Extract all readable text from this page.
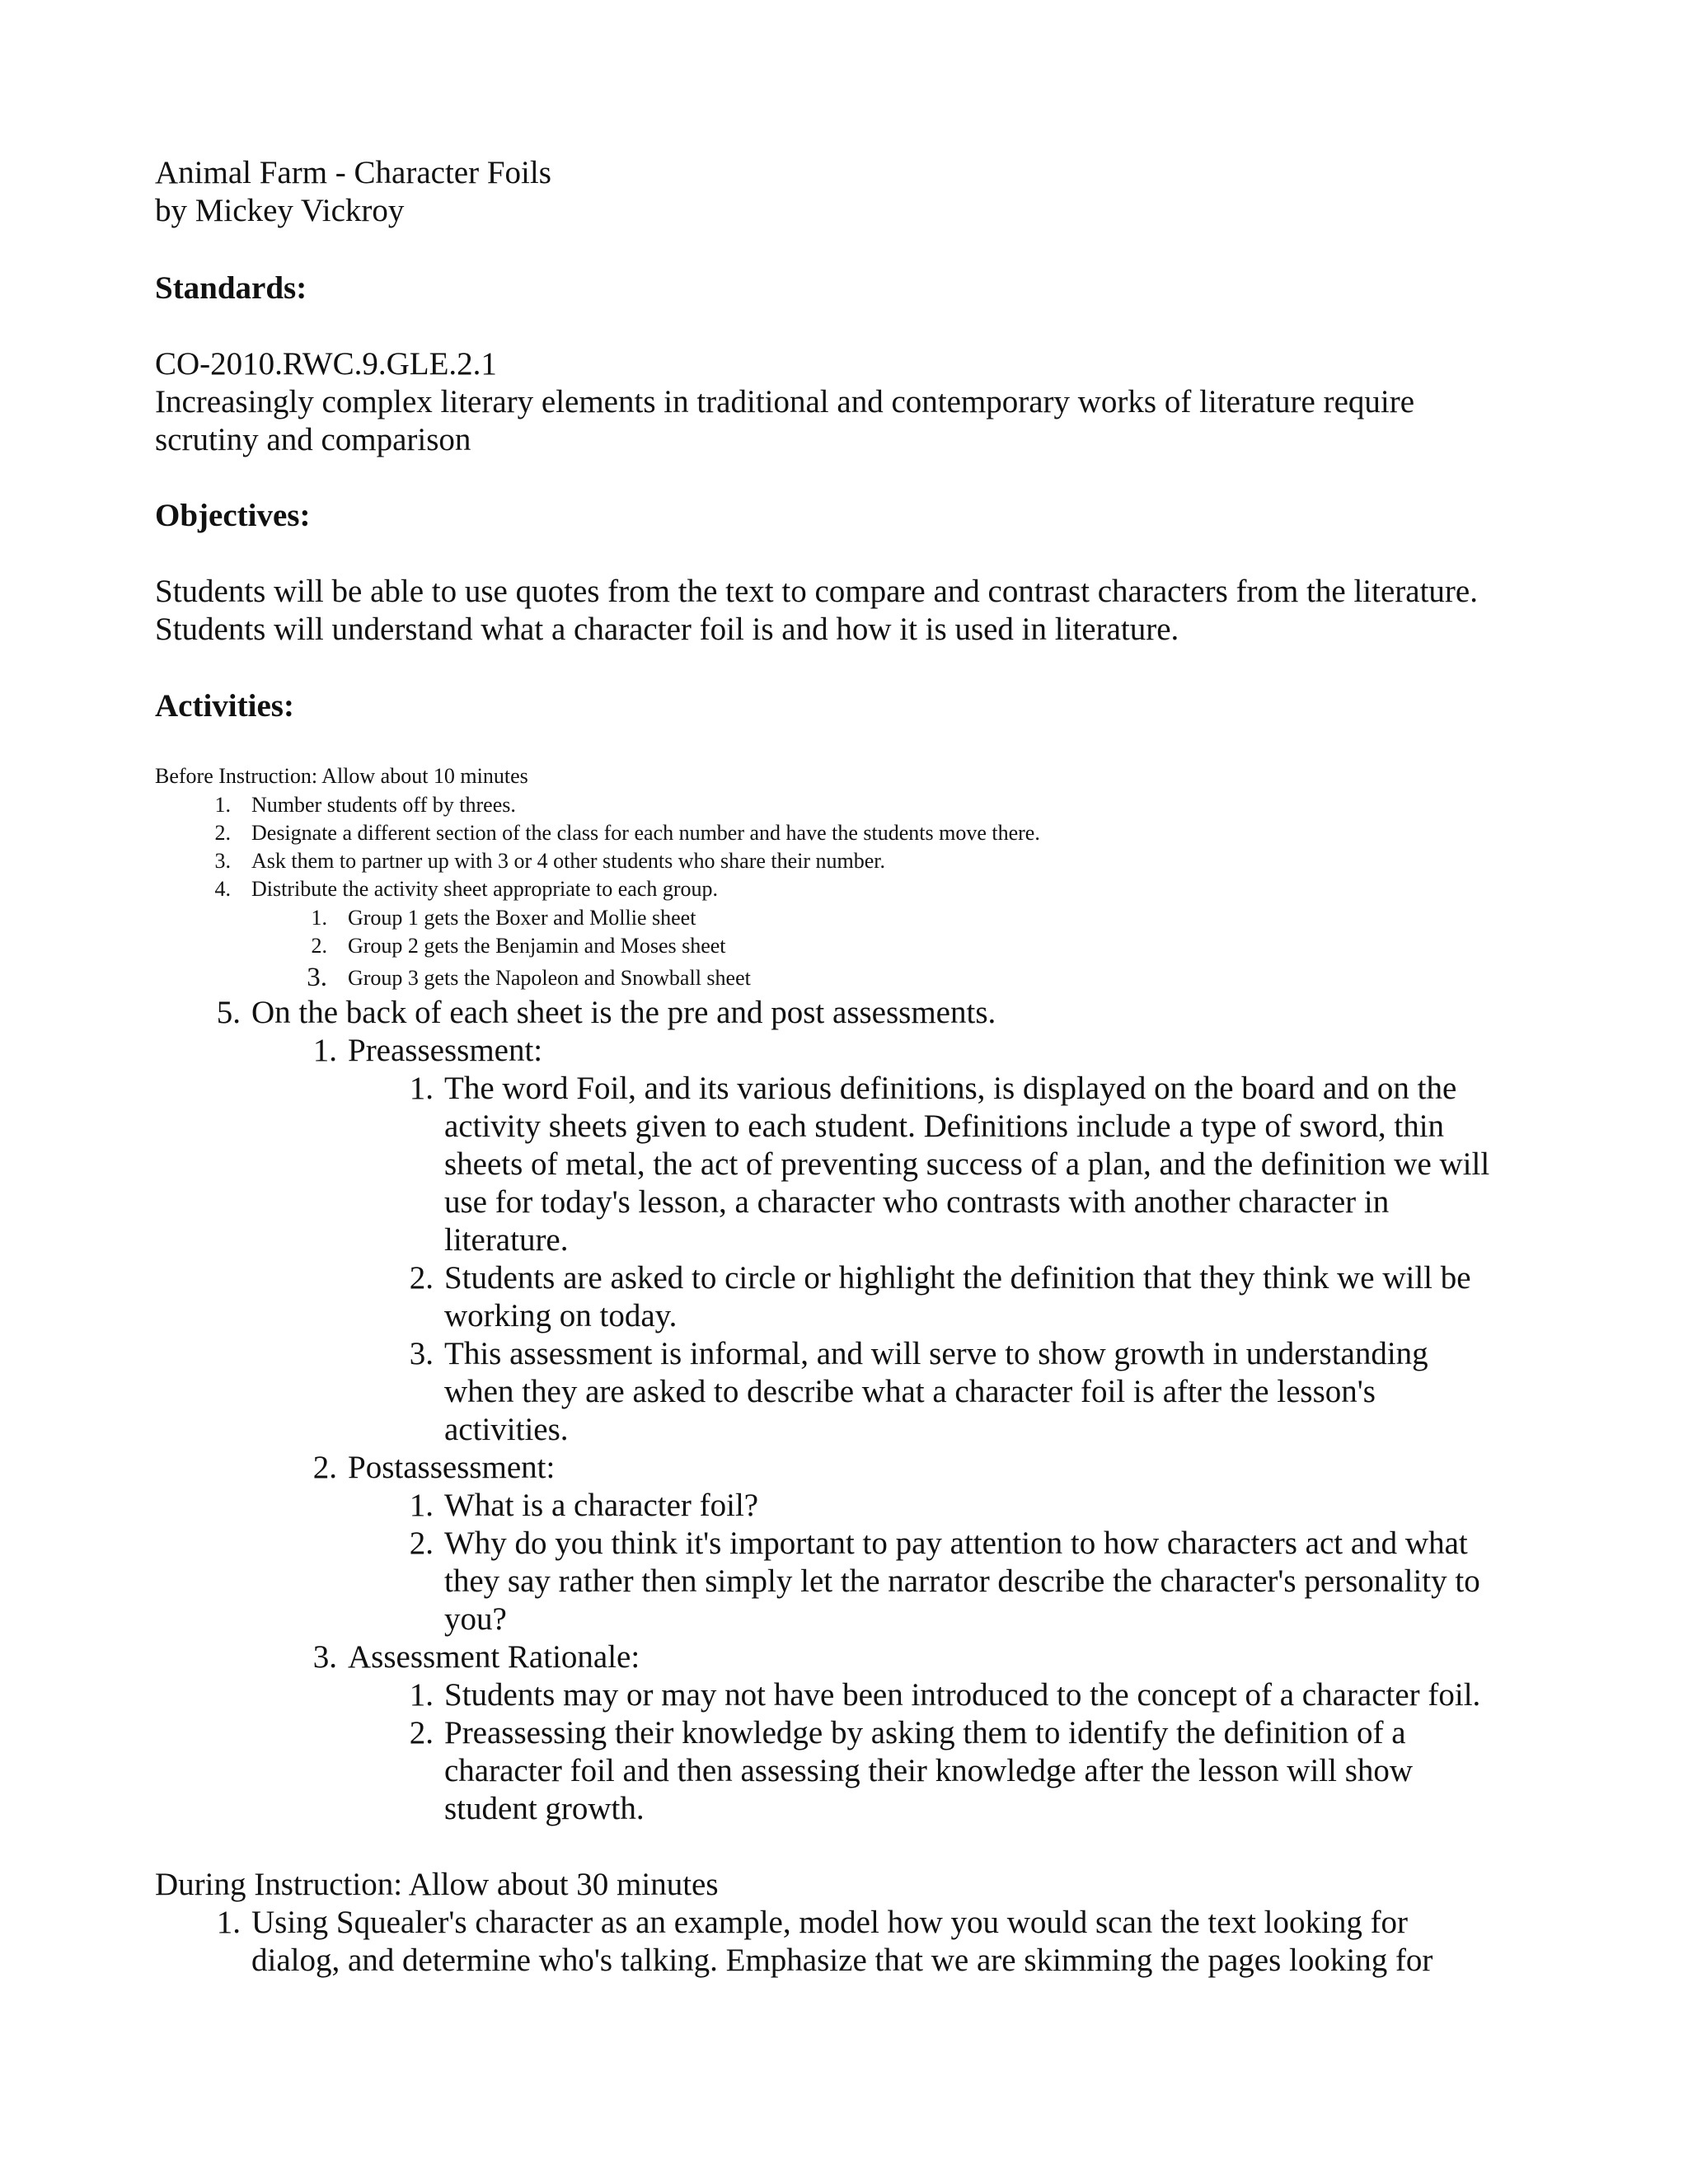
Animal Farm - Character Foils
by Mickey Vickroy
Standards:
CO-2010.RWC.9.GLE.2.1
Increasingly complex literary elements in traditional and contemporary works of literature require
scrutiny and comparison
Objectives:
Students will be able to use quotes from the text to compare and contrast characters from the literature.
Students will understand what a character foil is and how it is used in literature.
Activities:
Before Instruction: Allow about 10 minutes
1. Number students off by threes.
2. Designate a different section of the class for each number and have the students move there.
3. Ask them to partner up with 3 or 4 other students who share their number.
4. Distribute the activity sheet appropriate to each group.
1. Group 1 gets the Boxer and Mollie sheet
2. Group 2 gets the Benjamin and Moses sheet
3. Group 3 gets the Napoleon and Snowball sheet
5. On the back of each sheet is the pre and post assessments.
1. Preassessment:
1. The word Foil, and its various definitions, is displayed on the board and on the
activity sheets given to each student. Definitions include a type of sword, thin
sheets of metal, the act of preventing success of a plan, and the definition we will
use for today's lesson, a character who contrasts with another character in
literature.
2. Students are asked to circle or highlight the definition that they think we will be
working on today.
3. This assessment is informal, and will serve to show growth in understanding
when they are asked to describe what a character foil is after the lesson's
activities.
2. Postassessment:
1. What is a character foil?
2. Why do you think it's important to pay attention to how characters act and what
they say rather then simply let the narrator describe the character's personality to
you?
3. Assessment Rationale:
1. Students may or may not have been introduced to the concept of a character foil.
2. Preassessing their knowledge by asking them to identify the definition of a
character foil and then assessing their knowledge after the lesson will show
student growth.
During Instruction: Allow about 30 minutes
1. Using Squealer's character as an example, model how you would scan the text looking for
dialog, and determine who's talking. Emphasize that we are skimming the pages looking for
